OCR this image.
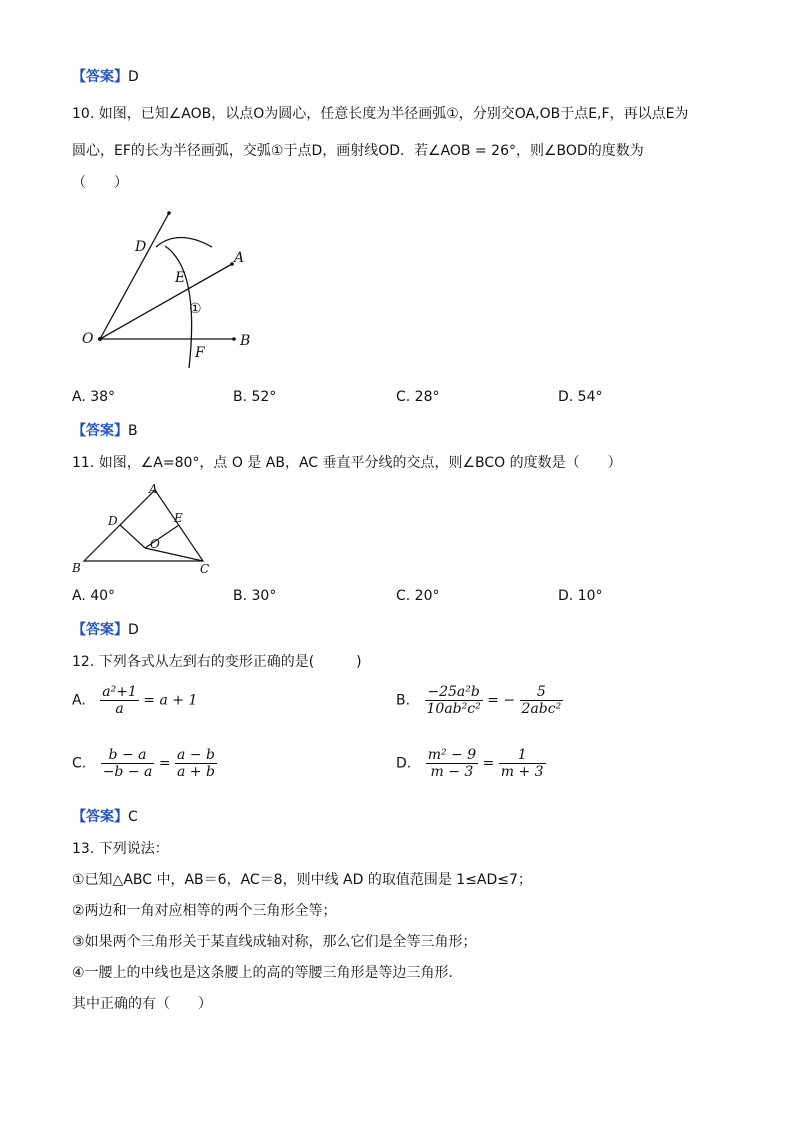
【答案】D
10. 如图，已知∠AOB，以点O为圆心，任意长度为半径画弧①，分别交OA,OB于点E,F，再以点E为
圆心，EF的长为半径画弧，交弧①于点D，画射线OD．若∠AOB = 26°，则∠BOD的度数为
（　　）
D
E
A
O	B
F
①
A. 38°	B. 52°	C. 28°	D. 54°
【答案】B
11. 如图，∠A=80°，点 O 是 AB，AC 垂直平分线的交点，则∠BCO 的度数是（　　）
A
D	E
O
B	C
A. 40°	B. 30°	C. 20°	D. 10°
【答案】D
12. 下列各式从左到右的变形正确的是(　　　)
A. $\frac{\text{a²+1}}{a} = a + 1$	B. $\frac{\text{−25a²b}}{\text{10ab²c²}}$ = − $\frac{5}{\text{2abc²}}$
C. $\frac{b - a}{-b - a} = \frac{a - b}{a + b}$	D. $\frac{\text{m² − 9}}{m - 3} = \frac{1}{m + 3}$
【答案】C
13. 下列说法：
①已知△ABC 中，AB＝6，AC＝8，则中线 AD 的取值范围是 1≤AD≤7；
②两边和一角对应相等的两个三角形全等；
③如果两个三角形关于某直线成轴对称，那么它们是全等三角形；
④一腰上的中线也是这条腰上的高的等腰三角形是等边三角形．
其中正确的有（　　）
